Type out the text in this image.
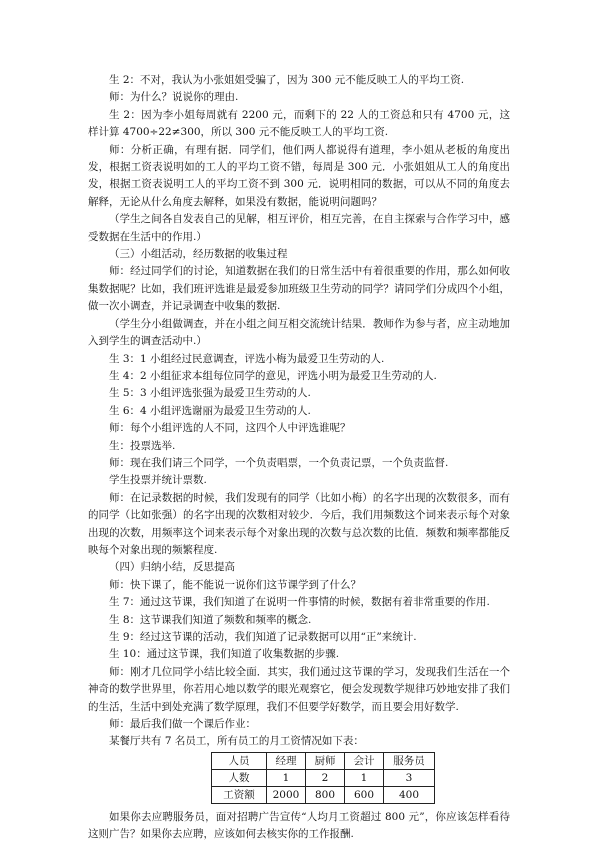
生 2：不对，我认为小张姐姐受骗了，因为 300 元不能反映工人的平均工资.
师：为什么？说说你的理由.
生 2：因为李小姐每周就有 2200 元，而剩下的 22 人的工资总和只有 4700 元，这样计算 4700÷22≠300，所以 300 元不能反映工人的平均工资.
师：分析正确，有理有据．同学们，他们两人都说得有道理，李小姐从老板的角度出发，根据工资表说明如的工人的平均工资不错，每周是 300 元．小张姐姐从工人的角度出发，根据工资表说明工人的平均工资不到 300 元．说明相同的数据，可以从不同的角度去解释，无论从什么角度去解释，如果没有数据，能说明问题吗？
（学生之间各自发表自己的见解，相互评价，相互完善，在自主探索与合作学习中，感受数据在生活中的作用.）
（三）小组活动，经历数据的收集过程
师：经过同学们的讨论，知道数据在我们的日常生活中有着很重要的作用，那么如何收集数据呢？比如，我们班评选谁是最爱参加班级卫生劳动的同学？请同学们分成四个小组，做一次小调查，并记录调查中收集的数据.
（学生分小组做调查，并在小组之间互相交流统计结果．教师作为参与者，应主动地加入到学生的调查活动中.）
生 3：1 小组经过民意调查，评选小梅为最爱卫生劳动的人.
生 4：2 小组征求本组每位同学的意见，评选小明为最爱卫生劳动的人.
生 5：3 小组评选张强为最爱卫生劳动的人.
生 6：4 小组评选谢丽为最爱卫生劳动的人.
师：每个小组评选的人不同，这四个人中评选谁呢？
生：投票选举.
师：现在我们请三个同学，一个负责唱票，一个负责记票，一个负责监督.
学生投票并统计票数.
师：在记录数据的时候，我们发现有的同学（比如小梅）的名字出现的次数很多，而有的同学（比如张强）的名字出现的次数相对较少．今后，我们用频数这个词来表示每个对象出现的次数，用频率这个词来表示每个对象出现的次数与总次数的比值．频数和频率都能反映每个对象出现的频繁程度.
（四）归纳小结，反思提高
师：快下课了，能不能说一说你们这节课学到了什么？
生 7：通过这节课，我们知道了在说明一件事情的时候，数据有着非常重要的作用.
生 8：这节课我们知道了频数和频率的概念.
生 9：经过这节课的活动，我们知道了记录数据可以用“正”来统计.
生 10：通过这节课，我们知道了收集数据的步骤.
师：刚才几位同学小结比较全面．其实，我们通过这节课的学习，发现我们生活在一个神奇的数学世界里，你若用心地以数学的眼光观察它，便会发现数学规律巧妙地安排了我们的生活，生活中到处充满了数学原理，我们不但要学好数学，而且要会用好数学.
师：最后我们做一个课后作业：
某餐厅共有 7 名员工，所有员工的月工资情况如下表：
人员	经理	厨师	会计	服务员
人数	1	2	1	3
工资额	2000	800	600	400
如果你去应聘服务员，面对招聘广告宣传“人均月工资超过 800 元”，你应该怎样看待这则广告？如果你去应聘，应该如何去核实你的工作报酬.
